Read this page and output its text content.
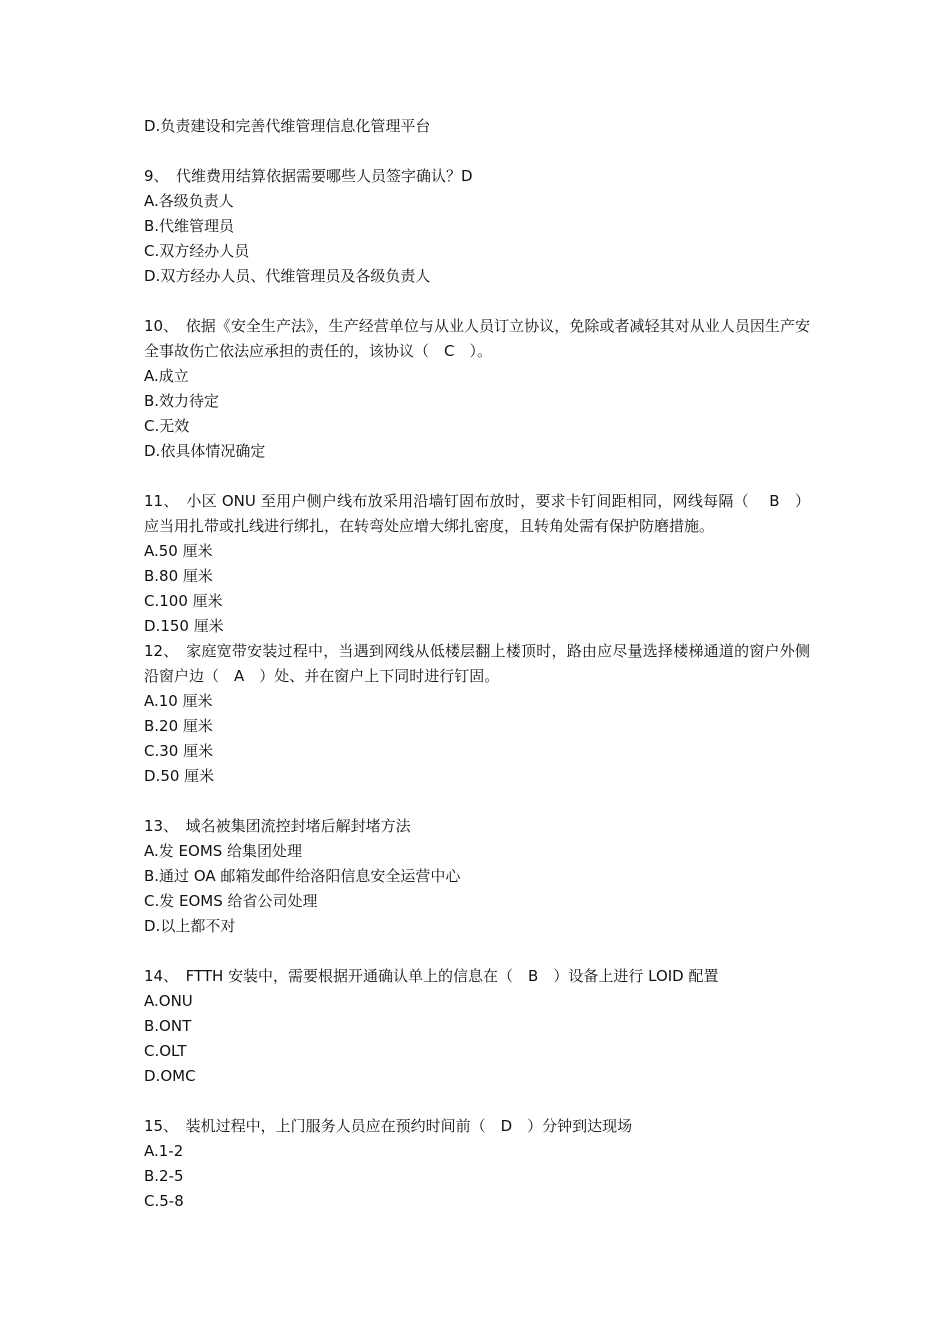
D.负责建设和完善代维管理信息化管理平台
9、　代维费用结算依据需要哪些人员签字确认？D
A.各级负责人
B.代维管理员
C.双方经办人员
D.双方经办人员、代维管理员及各级负责人
10、　依据《安全生产法》，生产经营单位与从业人员订立协议，免除或者减轻其对从业人员因生产安全事故伤亡依法应承担的责任的，该协议（　C　）。
A.成立
B.效力待定
C.无效
D.依具体情况确定
11、　小区 ONU 至用户侧户线布放采用沿墙钉固布放时，要求卡钉间距相同，网线每隔（　 B　）应当用扎带或扎线进行绑扎，在转弯处应增大绑扎密度，且转角处需有保护防磨措施。
A.50 厘米
B.80 厘米
C.100 厘米
D.150 厘米
12、　家庭宽带安装过程中，当遇到网线从低楼层翻上楼顶时，路由应尽量选择楼梯通道的窗户外侧沿窗户边（　A　）处、并在窗户上下同时进行钉固。
A.10 厘米
B.20 厘米
C.30 厘米
D.50 厘米
13、　域名被集团流控封堵后解封堵方法
A.发 EOMS 给集团处理
B.通过 OA 邮箱发邮件给洛阳信息安全运营中心
C.发 EOMS 给省公司处理
D.以上都不对
14、　FTTH 安装中，需要根据开通确认单上的信息在（　B　）设备上进行 LOID 配置
A.ONU
B.ONT
C.OLT
D.OMC
15、　装机过程中，上门服务人员应在预约时间前（　D　）分钟到达现场
A.1-2
B.2-5
C.5-8
